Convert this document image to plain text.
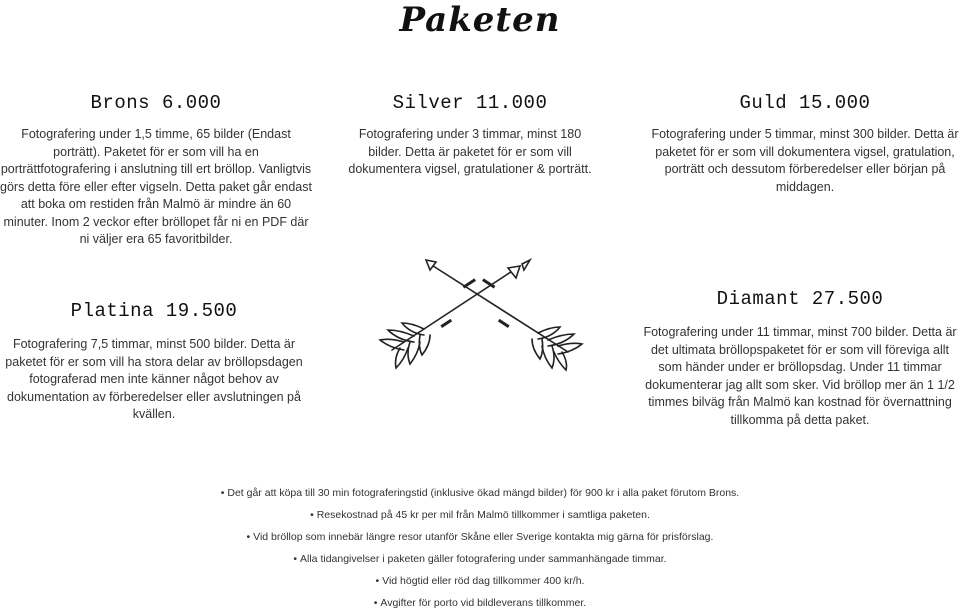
Paketen
Brons 6.000

Fotografering under 1,5 timme, 65 bilder (Endast porträtt). Paketet för er som vill ha en porträttfotografering i anslutning till ert bröllop. Vanligtvis görs detta före eller efter vigseln. Detta paket går endast att boka om restiden från Malmö är mindre än 60 minuter. Inom 2 veckor efter bröllopet får ni en PDF där ni väljer era 65 favoritbilder.

Silver 11.000

Fotografering under 3 timmar, minst 180 bilder. Detta är paketet för er som vill dokumentera vigsel, gratulationer & porträtt.

Guld 15.000

Fotografering under 5 timmar, minst 300 bilder. Detta är paketet för er som vill dokumentera vigsel, gratulation, porträtt och dessutom förberedelser eller början på middagen.

Platina 19.500

Fotografering 7,5 timmar, minst 500 bilder. Detta är paketet för er som vill ha stora delar av bröllopsdagen fotograferad men inte känner något behov av dokumentation av förberedelser eller avslutningen på kvällen.

Diamant 27.500

Fotografering under 11 timmar, minst 700 bilder. Detta är det ultimata bröllopspaketet för er som vill föreviga allt som händer under er bröllopsdag. Under 11 timmar dokumenterar jag allt som sker. Vid bröllop mer än 1 1/2 timmes bilväg från Malmö kan kostnad för övernattning tillkomma på detta paket.

• Det går att köpa till 30 min fotograferingstid (inklusive ökad mängd bilder) för 900 kr i alla paket förutom Brons.
• Resekostnad på 45 kr per mil från Malmö tillkommer i samtliga paketen.
• Vid bröllop som innebär längre resor utanför Skåne eller Sverige kontakta mig gärna för prisförslag.
• Alla tidangivelser i paketen gäller fotografering under sammanhängade timmar.
• Vid högtid eller röd dag tillkommer 400 kr/h.
• Avgifter för porto vid bildleverans tillkommer.
